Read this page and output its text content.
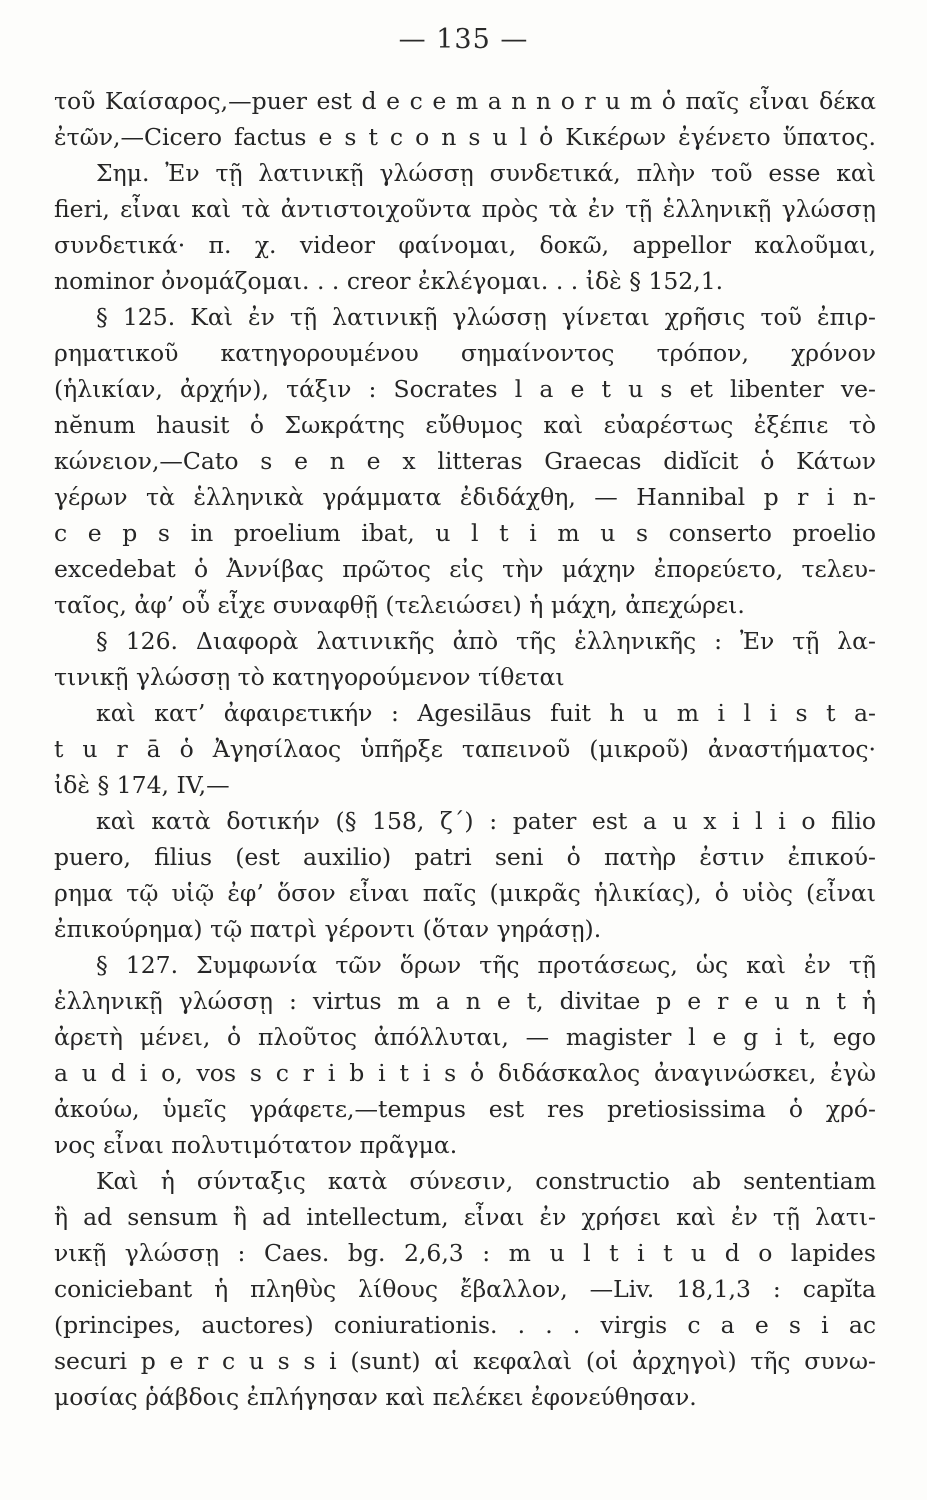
— 135 —
τοῦ Καίσαρος,—puer est d e c e m a n n o r u m ὁ παῖς εἶναι δέκα
ἐτῶν,—Cicero factus e s t c o n s u l ὁ Κικέρων ἐγένετο ὕπατος.
Σημ. Ἐν τῇ λατινικῇ γλώσσῃ συνδετικά, πλὴν τοῦ esse καὶ
fieri, εἶναι καὶ τὰ ἀντιστοιχοῦντα πρὸς τὰ ἐν τῇ ἑλληνικῇ γλώσσῃ
συνδετικά· π. χ. videor φαίνομαι, δοκῶ, appellor καλοῦμαι,
nominor ὀνομάζομαι. . . creor ἐκλέγομαι. . . ἰδὲ § 152,1.
§ 125. Καὶ ἐν τῇ λατινικῇ γλώσσῃ γίνεται χρῆσις τοῦ ἐπιρ-
ρηματικοῦ κατηγορουμένου σημαίνοντος τρόπον, χρόνον
(ἡλικίαν, ἀρχήν), τάξιν : Socrates l a e t u s et libenter ve-
nĕnum hausit ὁ Σωκράτης εὔθυμος καὶ εὐαρέστως ἐξέπιε τὸ
κώνειον,—Cato s e n e x litteras Graecas didĭcit ὁ Κάτων
γέρων τὰ ἑλληνικὰ γράμματα ἐδιδάχθη, — Hannibal p r i n-
c e p s in proelium ibat, u l t i m u s conserto proelio
excedebat ὁ Ἀννίβας πρῶτος εἰς τὴν μάχην ἐπορεύετο, τελευ-
ταῖος, ἀφ’ οὗ εἶχε συναφθῇ (τελειώσει) ἡ μάχη, ἀπεχώρει.
§ 126. Διαφορὰ λατινικῆς ἀπὸ τῆς ἑλληνικῆς : Ἐν τῇ λα-
τινικῇ γλώσσῃ τὸ κατηγορούμενον τίθεται
καὶ κατ’ ἀφαιρετικήν : Agesilāus fuit h u m i l i s t a-
t u r ā ὁ Ἀγησίλαος ὑπῆρξε ταπεινοῦ (μικροῦ) ἀναστήματος·
ἰδὲ § 174, IV,—
καὶ κατὰ δοτικήν (§ 158, ζ΄) : pater est a u x i l i o filio
puero, filius (est auxilio) patri seni ὁ πατὴρ ἐστιν ἐπικού-
ρημα τῷ υἱῷ ἐφ’ ὅσον εἶναι παῖς (μικρᾶς ἡλικίας), ὁ υἱὸς (εἶναι
ἐπικούρημα) τῷ πατρὶ γέροντι (ὅταν γηράσῃ).
§ 127. Συμφωνία τῶν ὅρων τῆς προτάσεως, ὡς καὶ ἐν τῇ
ἑλληνικῇ γλώσσῃ : virtus m a n e t, divitae p e r e u n t ἡ
ἀρετὴ μένει, ὁ πλοῦτος ἀπόλλυται, — magister l e g i t, ego
a u d i o, vos s c r i b i t i s ὁ διδάσκαλος ἀναγινώσκει, ἐγὼ
ἀκούω, ὑμεῖς γράφετε,—tempus est res pretiosissima ὁ χρό-
νος εἶναι πολυτιμότατον πρᾶγμα.
Καὶ ἡ σύνταξις κατὰ σύνεσιν, constructio ab sententiam
ἢ ad sensum ἢ ad intellectum, εἶναι ἐν χρήσει καὶ ἐν τῇ λατι-
νικῇ γλώσσῃ : Caes. bg. 2,6,3 : m u l t i t u d o lapides
coniciebant ἡ πληθὺς λίθους ἔβαλλον, —Liv. 18,1,3 : capĭta
(principes, auctores) coniurationis. . . . virgis c a e s i ac
securi p e r c u s s i (sunt) αἱ κεφαλαὶ (οἱ ἀρχηγοὶ) τῆς συνω-
μοσίας ῥάβδοις ἐπλήγησαν καὶ πελέκει ἐφονεύθησαν.
